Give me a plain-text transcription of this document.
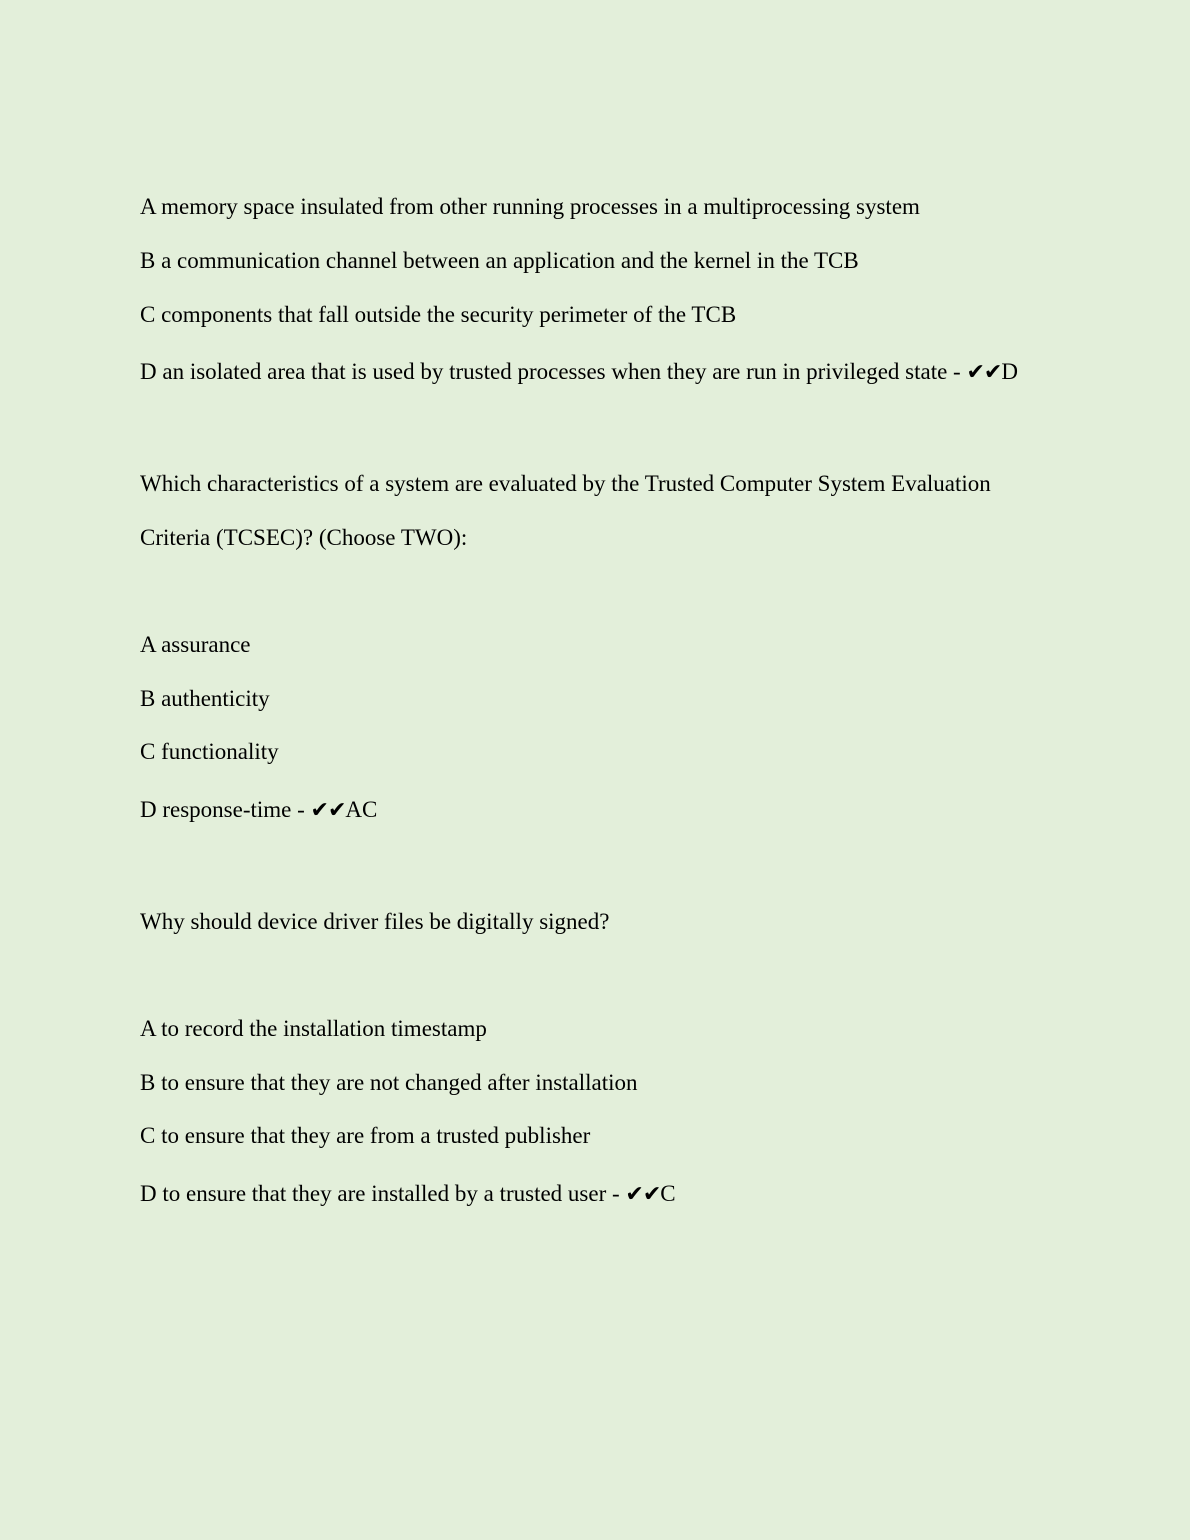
A memory space insulated from other running processes in a multiprocessing system

B a communication channel between an application and the kernel in the TCB

C components that fall outside the security perimeter of the TCB

D an isolated area that is used by trusted processes when they are run in privileged state - ✔✔D

Which characteristics of a system are evaluated by the Trusted Computer System Evaluation

Criteria (TCSEC)? (Choose TWO):

A assurance

B authenticity

C functionality

D response-time - ✔✔AC

Why should device driver files be digitally signed?

A to record the installation timestamp

B to ensure that they are not changed after installation

C to ensure that they are from a trusted publisher

D to ensure that they are installed by a trusted user - ✔✔C
